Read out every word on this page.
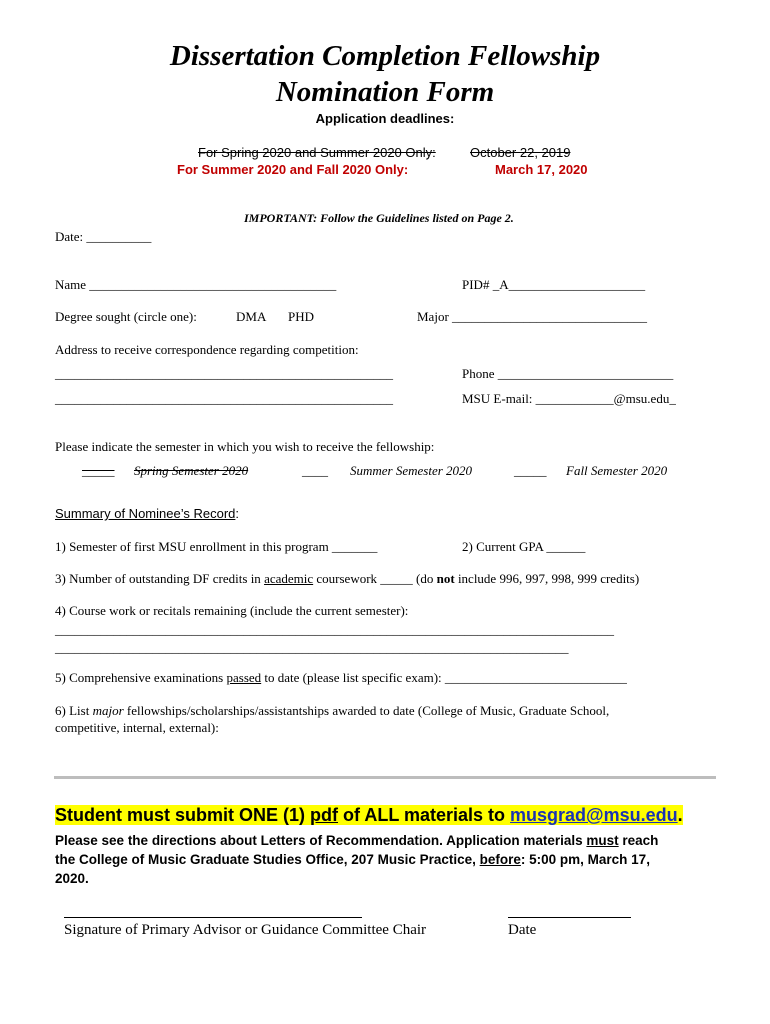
Dissertation Completion Fellowship
Nomination Form
Application deadlines:
For Spring 2020 and Summer 2020 Only:	October 22, 2019
For Summer 2020 and Fall 2020 Only:	March 17, 2020
IMPORTANT: Follow the Guidelines listed on Page 2.
Date: __________
Name ______________________________________	PID# _A_____________________
Degree sought (circle one):	DMA PHD	Major ______________________________
Address to receive correspondence regarding competition:
____________________________________________________	Phone ___________________________
____________________________________________________	MSU E-mail: ____________@msu.edu_
Please indicate the semester in which you wish to receive the fellowship:
_____ Spring Semester 2020	____ Summer Semester 2020	_____ Fall Semester 2020
Summary of Nominee’s Record:
1) Semester of first MSU enrollment in this program _______	2) Current GPA ______
3) Number of outstanding DF credits in academic coursework _____ (do not include 996, 997, 998, 999 credits)
4) Course work or recitals remaining (include the current semester):
______________________________________________________________________________________
_______________________________________________________________________________
5) Comprehensive examinations passed to date (please list specific exam): ____________________________
6) List major fellowships/scholarships/assistantships awarded to date (College of Music, Graduate School,
competitive, internal, external):
Student must submit ONE (1) pdf of ALL materials to musgrad@msu.edu.
Please see the directions about Letters of Recommendation. Application materials must reach
the College of Music Graduate Studies Office, 207 Music Practice, before: 5:00 pm, March 17,
2020.
Signature of Primary Advisor or Guidance Committee Chair	Date
